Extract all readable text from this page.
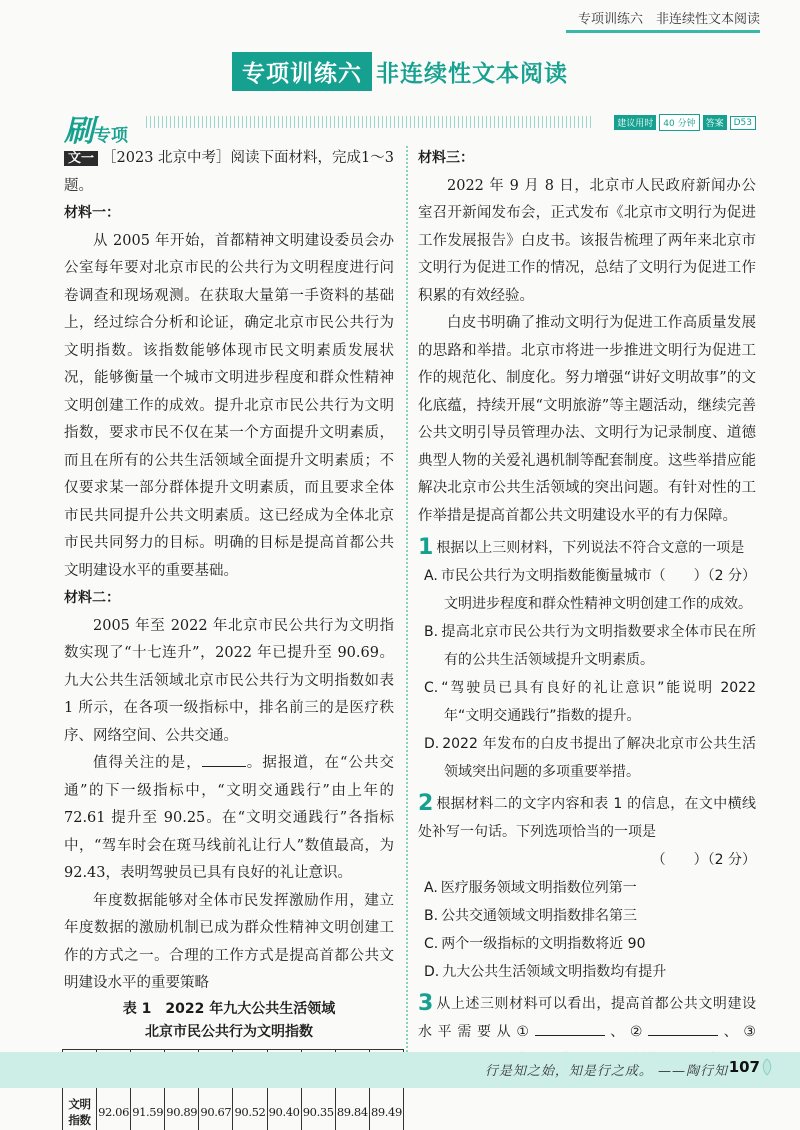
专项训练六　非连续性文本阅读
专项训练六 非连续性文本阅读
刷专项
建议用时	40 分钟	答案	D53

文一 ［2023 北京中考］阅读下面材料，完成1～3 题。

材料一：

从 2005 年开始，首都精神文明建设委员会办公室每年要对北京市民的公共行为文明程度进行问卷调查和现场观测。在获取大量第一手资料的基础上，经过综合分析和论证，确定北京市民公共行为文明指数。该指数能够体现市民文明素质发展状况，能够衡量一个城市文明进步程度和群众性精神文明创建工作的成效。提升北京市民公共行为文明指数，要求市民不仅在某一个方面提升文明素质，而且在所有的公共生活领域全面提升文明素质；不仅要求某一部分群体提升文明素质，而且要求全体市民共同提升公共文明素质。这已经成为全体北京市民共同努力的目标。明确的目标是提高首都公共文明建设水平的重要基础。

材料二：

2005 年至 2022 年北京市民公共行为文明指数实现了“十七连升”，2022 年已提升至 90.69。九大公共生活领域北京市民公共行为文明指数如表 1 所示，在各项一级指标中，排名前三的是医疗秩序、网络空间、公共交通。

值得关注的是，	。据报道，在“公共交通”的下一级指标中，“文明交通践行”由上年的 72.61 提升至 90.25。在“文明交通践行”各指标中，“驾车时会在斑马线前礼让行人”数值最高，为 92.43，表明驾驶员已具有良好的礼让意识。

年度数据能够对全体市民发挥激励作用，建立年度数据的激励机制已成为群众性精神文明创建工作的方式之一。合理的工作方式是提高首都公共文明建设水平的重要策略

表 1　2022 年九大公共生活领域
北京市民公共行为文明指数

文明
指数	92.06	91.59	90.89	90.67	90.52	90.40	90.35	89.84	89.49
材料三：

2022 年 9 月 8 日，北京市人民政府新闻办公室召开新闻发布会，正式发布《北京市文明行为促进工作发展报告》白皮书。该报告梳理了两年来北京市文明行为促进工作的情况，总结了文明行为促进工作积累的有效经验。

白皮书明确了推动文明行为促进工作高质量发展的思路和举措。北京市将进一步推进文明行为促进工作的规范化、制度化。努力增强“讲好文明故事”的文化底蕴，持续开展“文明旅游”等主题活动，继续完善公共文明引导员管理办法、文明行为记录制度、道德典型人物的关爱礼遇机制等配套制度。这些举措应能解决北京市公共生活领域的突出问题。有针对性的工作举措是提高首都公共文明建设水平的有力保障。

1 根据以上三则材料，下列说法不符合文意的一项是
（　　）（2 分）
A. 市民公共行为文明指数能衡量城市文明进步程度和群众性精神文明创建工作的成效。
B. 提高北京市民公共行为文明指数要求全体市民在所有的公共生活领域提升文明素质。
C. “驾驶员已具有良好的礼让意识”能说明 2022 年“文明交通践行”指数的提升。
D. 2022 年发布的白皮书提出了解决北京市公共生活领域突出问题的多项重要举措。
2 根据材料二的文字内容和表 1 的信息，在文中横线处补写一句话。下列选项恰当的一项是
（　　）（2 分）
A. 医疗服务领域文明指数位列第一
B. 公共交通领域文明指数排名第三
C. 两个一级指标的文明指数将近 90
D. 九大公共生活领域文明指数均有提升
3 从上述三则材料可以看出，提高首都公共文明建设水平需要从①	、②	、③
行是知之始，知是行之成。 ——陶行知 107
